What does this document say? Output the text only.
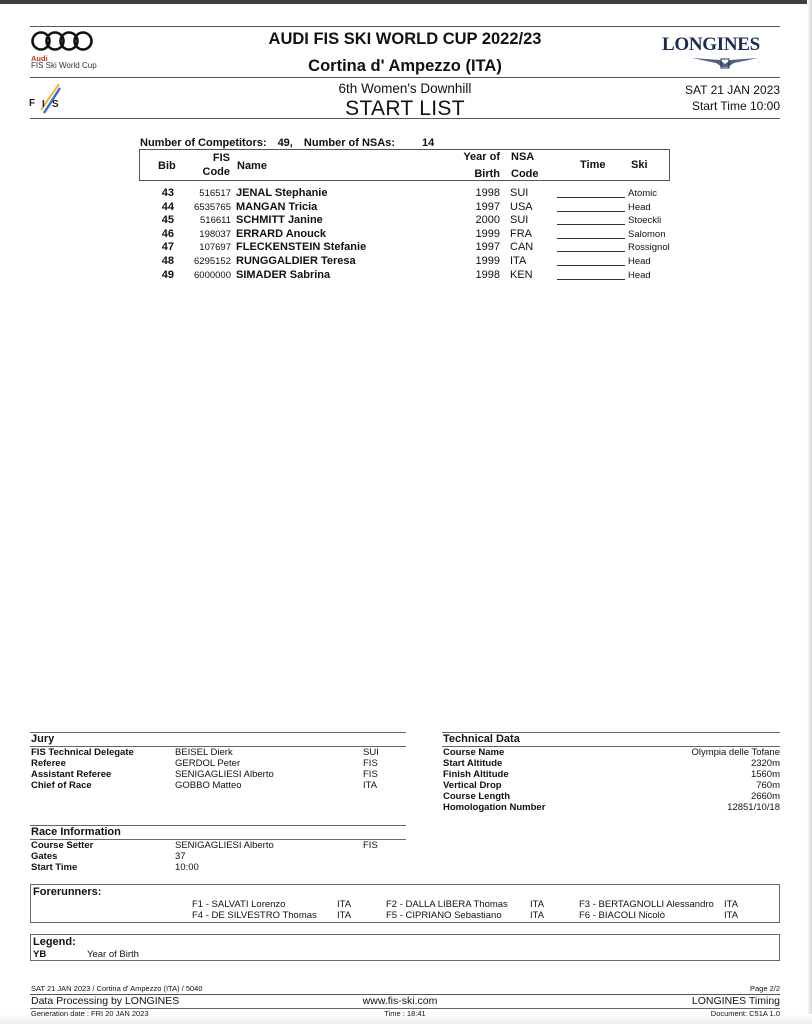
Audi
FIS Ski World Cup
F I S
LONGINES
AUDI FIS SKI WORLD CUP 2022/23
Cortina d' Ampezzo (ITA)
6th Women's Downhill
START LIST
SAT 21 JAN 2023
Start Time 10:00
Number of Competitors: 49, Number of NSAs: 14
Bib
FIS
Code Name
Year of
Birth
NSA
Code
Time Ski
43	516517 JENAL Stephanie	1998 SUI	Atomic
44	6535765 MANGAN Tricia	1997 USA	Head
45	516611 SCHMITT Janine	2000 SUI	Stoeckli
46	198037 ERRARD Anouck	1999 FRA	Salomon
47	107697 FLECKENSTEIN Stefanie	1997 CAN	Rossignol
48	6295152 RUNGGALDIER Teresa	1999 ITA	Head
49	6000000 SIMADER Sabrina	1998 KEN	Head
Jury
FIS Technical Delegate	BEISEL Dierk	SUI
Referee	GERDOL Peter	FIS
Assistant Referee	SENIGAGLIESI Alberto	FIS
Chief of Race	GOBBO Matteo	ITA
Race Information
Course Setter	SENIGAGLIESI Alberto	FIS
Gates	37
Start Time	10:00
Technical Data
Course Name	Olympia delle Tofane
Start Altitude	2320m
Finish Altitude	1560m
Vertical Drop	760m
Course Length	2660m
Homologation Number	12851/10/18
Forerunners:
F1 - SALVATI Lorenzo	ITA	F2 - DALLA LIBERA Thomas ITA	F3 - BERTAGNOLLI Alessandro ITA
F4 - DE SILVESTRO Thomas ITA	F5 - CIPRIANO Sebastiano	ITA	F6 - BIACOLI Nicolò	ITA
Legend:
YB	Year of Birth
SAT 21 JAN 2023 / Cortina d' Ampezzo (ITA) / 5040	Page 2/2
Data Processing by LONGINES	www.fis-ski.com	LONGINES Timing
Generation date : FRI 20 JAN 2023	Time : 18:41	Document: C51A 1.0
